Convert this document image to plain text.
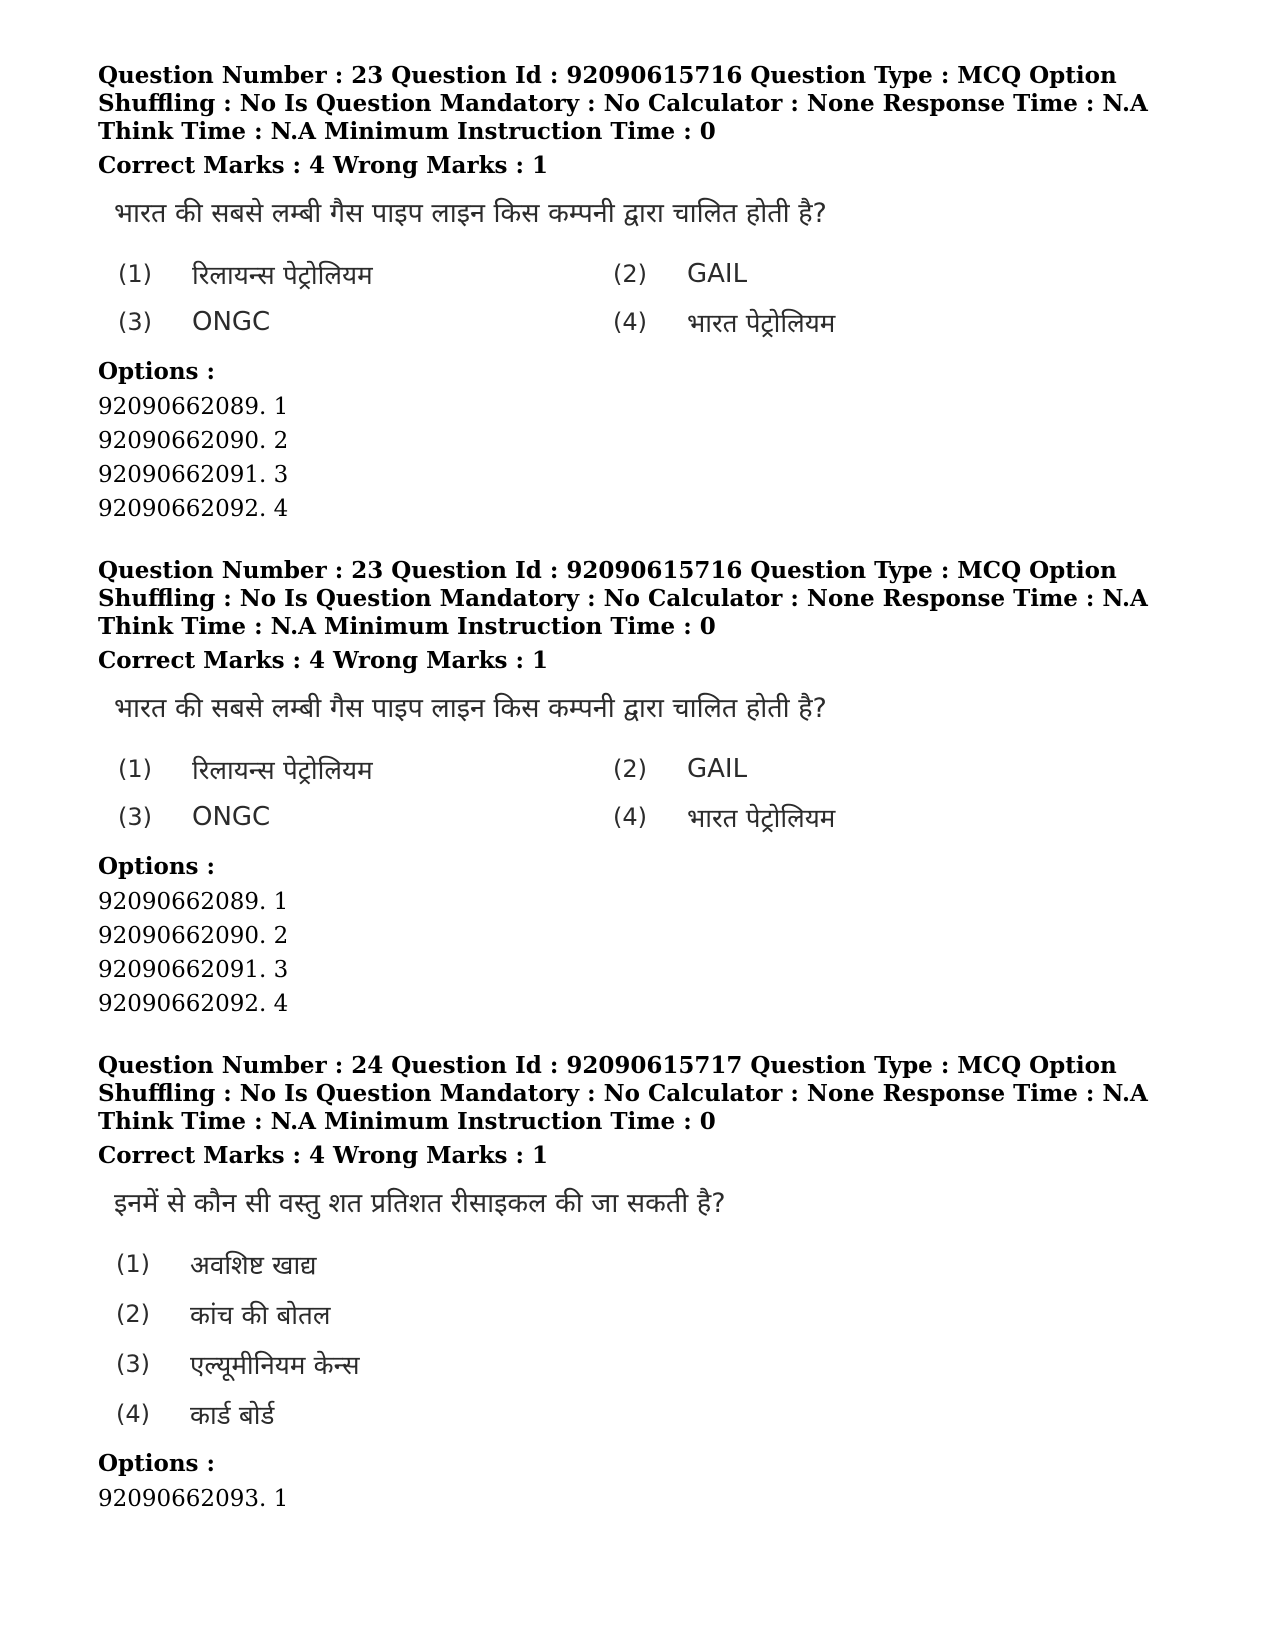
Question Number : 23 Question Id : 92090615716 Question Type : MCQ Option Shuffling : No Is Question Mandatory : No Calculator : None Response Time : N.A Think Time : N.A Minimum Instruction Time : 0

Correct Marks : 4 Wrong Marks : 1

भारत की सबसे लम्बी गैस पाइप लाइन किस कम्पनी द्वारा चालित होती है?

(1)	रिलायन्स पेट्रोलियम	(2)	GAIL
(3)	ONGC	(4)	भारत पेट्रोलियम

Options :

92090662089. 1

92090662090. 2

92090662091. 3

92090662092. 4

Question Number : 23 Question Id : 92090615716 Question Type : MCQ Option Shuffling : No Is Question Mandatory : No Calculator : None Response Time : N.A Think Time : N.A Minimum Instruction Time : 0

Correct Marks : 4 Wrong Marks : 1

भारत की सबसे लम्बी गैस पाइप लाइन किस कम्पनी द्वारा चालित होती है?

(1)	रिलायन्स पेट्रोलियम	(2)	GAIL
(3)	ONGC	(4)	भारत पेट्रोलियम

Options :

92090662089. 1

92090662090. 2

92090662091. 3

92090662092. 4

Question Number : 24 Question Id : 92090615717 Question Type : MCQ Option Shuffling : No Is Question Mandatory : No Calculator : None Response Time : N.A Think Time : N.A Minimum Instruction Time : 0

Correct Marks : 4 Wrong Marks : 1

इनमें से कौन सी वस्तु शत प्रतिशत रीसाइकल की जा सकती है?

(1)	अवशिष्ट खाद्य
(2)	कांच की बोतल
(3)	एल्यूमीनियम केन्स
(4)	कार्ड बोर्ड

Options :

92090662093. 1
